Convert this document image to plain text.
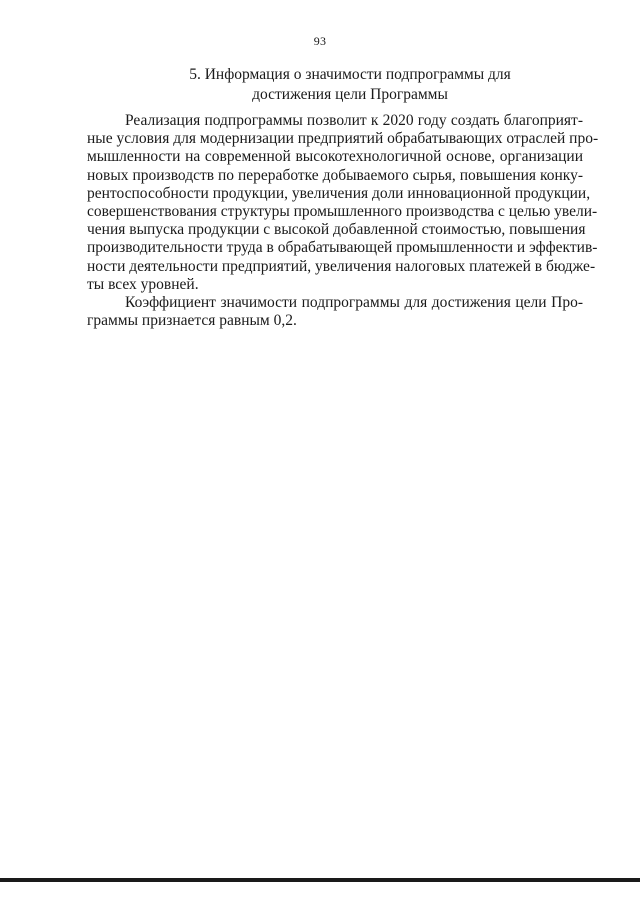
93
5. Информация о значимости подпрограммы для
достижения цели Программы

Реализация подпрограммы позволит к 2020 году создать благоприят-
ные условия для модернизации предприятий обрабатывающих отраслей про-
мышленности на современной высокотехнологичной основе, организации
новых производств по переработке добываемого сырья, повышения конку-
рентоспособности продукции, увеличения доли инновационной продукции,
совершенствования структуры промышленного производства с целью увели-
чения выпуска продукции с высокой добавленной стоимостью, повышения
производительности труда в обрабатывающей промышленности и эффектив-
ности деятельности предприятий, увеличения налоговых платежей в бюдже-
ты всех уровней.

Коэффициент значимости подпрограммы для достижения цели Про-
граммы признается равным 0,2.
